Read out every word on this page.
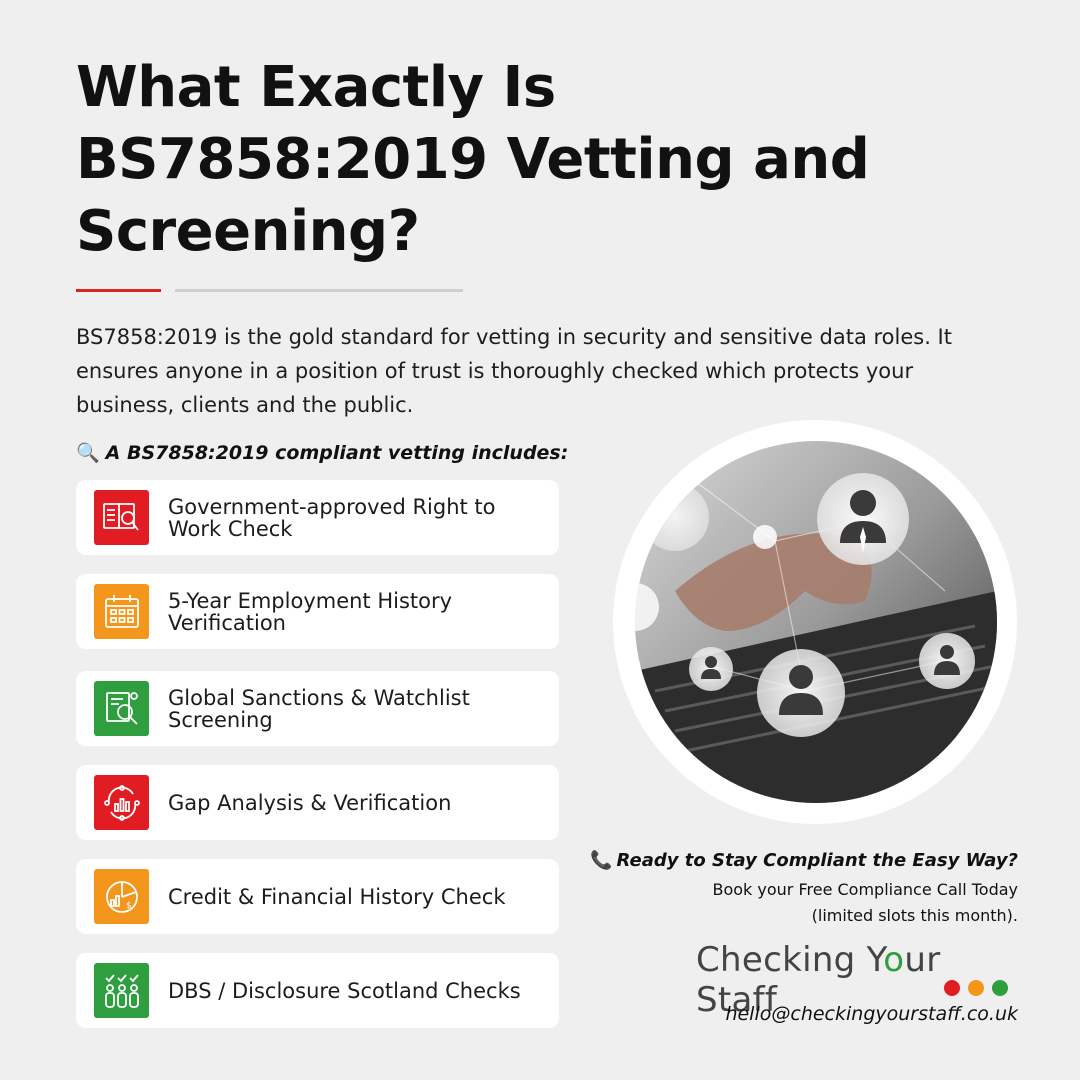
What Exactly Is
BS7858:2019 Vetting and
Screening?

BS7858:2019 is the gold standard for vetting in security and sensitive data roles. It ensures anyone in a position of trust is thoroughly checked which protects your business, clients and the public.

🔍 A BS7858:2019 compliant vetting includes:
Government-approved Right to Work Check
5-Year Employment History Verification
Global Sanctions & Watchlist Screening
Gap Analysis & Verification
$ Credit & Financial History Check
DBS / Disclosure Scotland Checks
📞 Ready to Stay Compliant the Easy Way?
Book your Free Compliance Call Today
(limited slots this month).
Checking Your Staff
hello@checkingyourstaff.co.uk
